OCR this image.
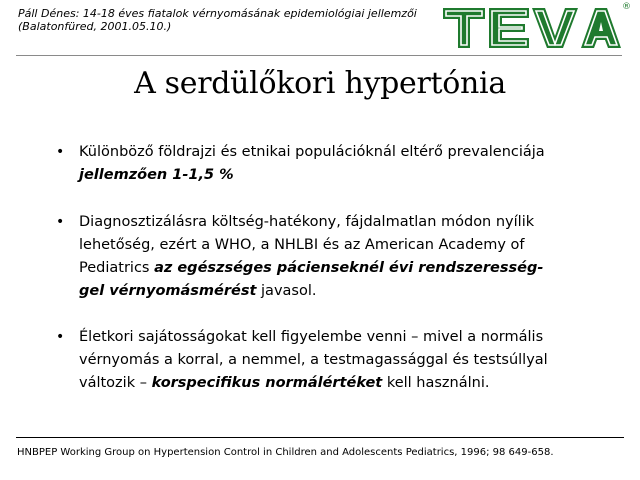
Páll Dénes: 14-18 éves fiatalok vérnyomásának epidemiológiai jellemzői
(Balatonfüred, 2001.05.10.)
®
A serdülőkori hypertónia
• Különböző földrajzi és etnikai populációknál eltérő prevalenciája
jellemzően 1-1,5 %
• Diagnosztizálásra költség-hatékony, fájdalmatlan módon nyílik
lehetőség, ezért a WHO, a NHLBI és az American Academy of
Pediatrics az egészséges pácienseknél évi rendszeresség-
gel vérnyomásmérést javasol.
• Életkori sajátosságokat kell figyelembe venni – mivel a normális
vérnyomás a korral, a nemmel, a testmagassággal és testsúllyal
változik – korspecifikus normálértéket kell használni.
HNBPEP Working Group on Hypertension Control in Children and Adolescents Pediatrics, 1996; 98 649-658.
